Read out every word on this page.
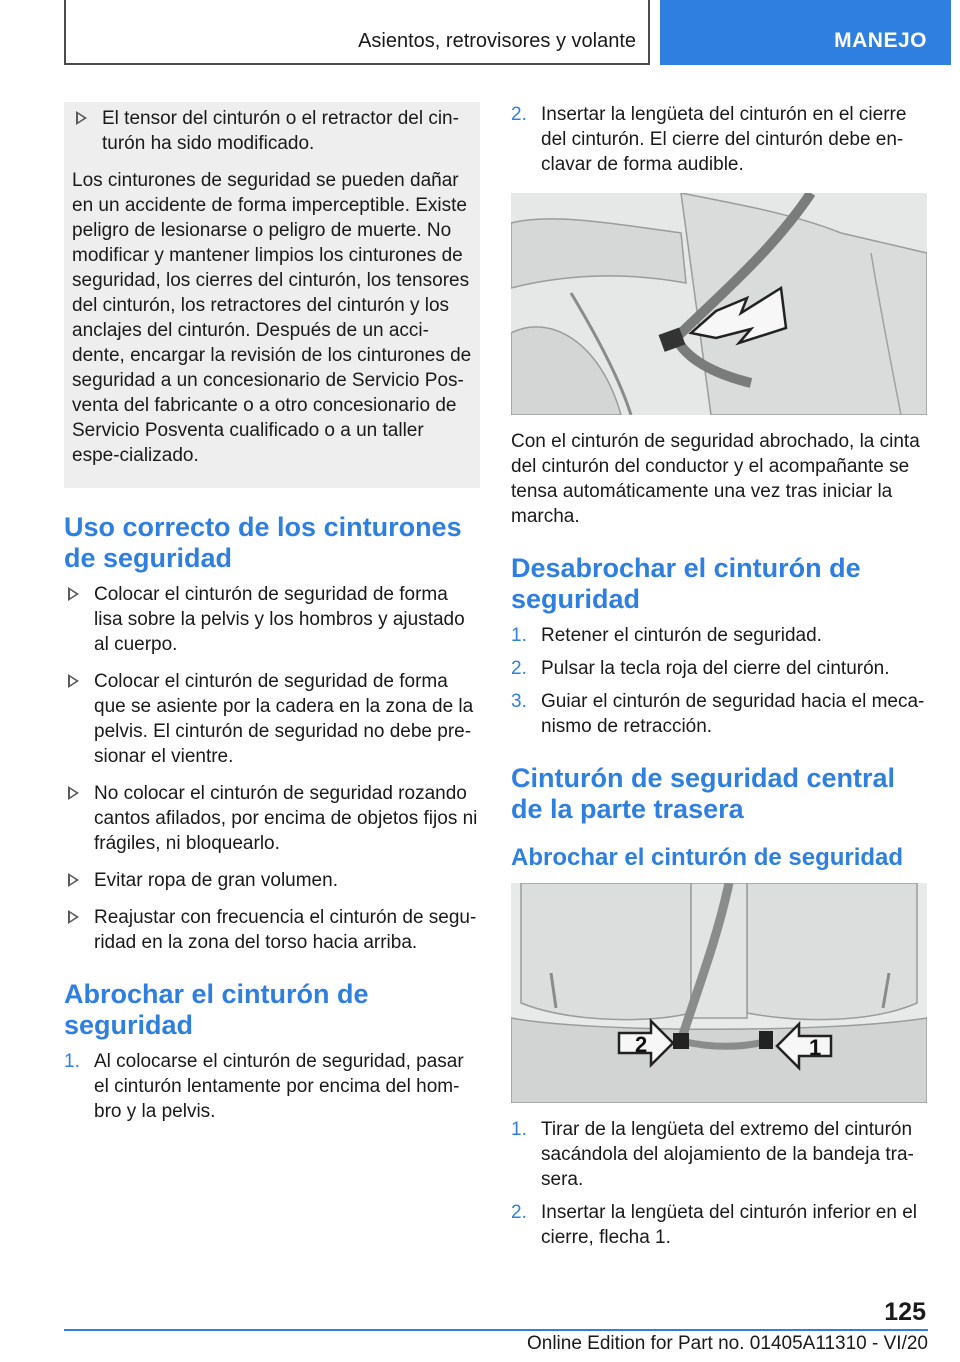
Asientos, retrovisores y volante	MANEJO
El tensor del cinturón o el retractor del cin-turón ha sido modificado.
Los cinturones de seguridad se pueden dañar en un accidente de forma imperceptible. Existe peligro de lesionarse o peligro de muerte. No modificar y mantener limpios los cinturones de seguridad, los cierres del cinturón, los tensores del cinturón, los retractores del cinturón y los anclajes del cinturón. Después de un acci-dente, encargar la revisión de los cinturones de seguridad a un concesionario de Servicio Pos-venta del fabricante o a otro concesionario de Servicio Posventa cualificado o a un taller espe-cializado.
Uso correcto de los cinturones de seguridad
Colocar el cinturón de seguridad de forma lisa sobre la pelvis y los hombros y ajustado al cuerpo.
Colocar el cinturón de seguridad de forma que se asiente por la cadera en la zona de la pelvis. El cinturón de seguridad no debe pre-sionar el vientre.
No colocar el cinturón de seguridad rozando cantos afilados, por encima de objetos fijos ni frágiles, ni bloquearlo.
Evitar ropa de gran volumen.
Reajustar con frecuencia el cinturón de segu-ridad en la zona del torso hacia arriba.
Abrochar el cinturón de seguridad
1. Al colocarse el cinturón de seguridad, pasar el cinturón lentamente por encima del hom-bro y la pelvis.
2. Insertar la lengüeta del cinturón en el cierre del cinturón. El cierre del cinturón debe en-clavar de forma audible.
Con el cinturón de seguridad abrochado, la cinta del cinturón del conductor y el acompañante se tensa automáticamente una vez tras iniciar la marcha.
Desabrochar el cinturón de seguridad
1. Retener el cinturón de seguridad.
2. Pulsar la tecla roja del cierre del cinturón.
3. Guiar el cinturón de seguridad hacia el meca-nismo de retracción.
Cinturón de seguridad central de la parte trasera
Abrochar el cinturón de seguridad
2	1
1. Tirar de la lengüeta del extremo del cinturón sacándola del alojamiento de la bandeja tra-sera.
2. Insertar la lengüeta del cinturón inferior en el cierre, flecha 1.
125
Online Edition for Part no. 01405A11310 - VI/20
